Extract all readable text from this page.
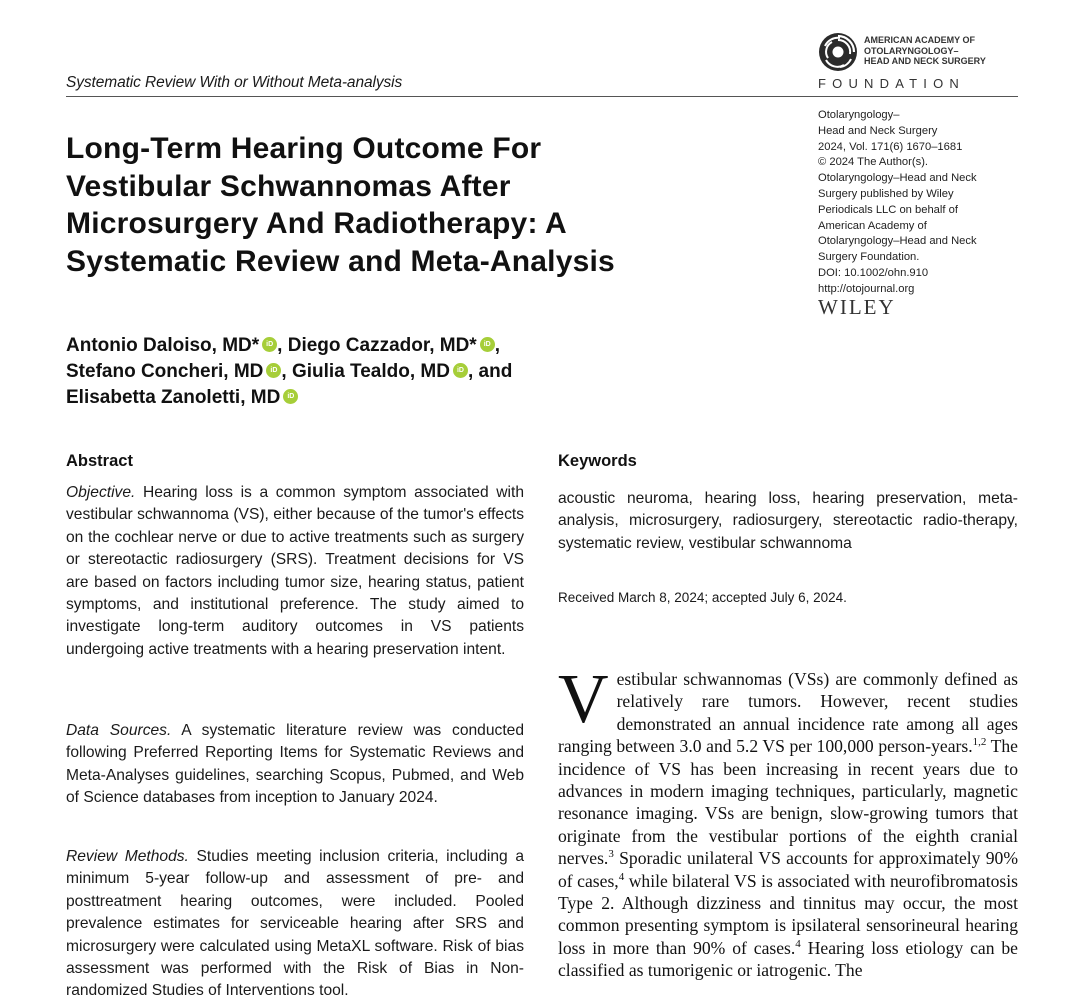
Systematic Review With or Without Meta-analysis
AMERICAN ACADEMY OF
OTOLARYNGOLOGY–
HEAD AND NECK SURGERY
FOUNDATION
Otolaryngology–
Head and Neck Surgery
2024, Vol. 171(6) 1670–1681
© 2024 The Author(s).
Otolaryngology–Head and Neck
Surgery published by Wiley
Periodicals LLC on behalf of
American Academy of
Otolaryngology–Head and Neck
Surgery Foundation.
DOI: 10.1002/ohn.910
http://otojournal.org
WILEY
Long-Term Hearing Outcome For
Vestibular Schwannomas After
Microsurgery And Radiotherapy: A
Systematic Review and Meta-Analysis
Antonio Daloiso, MD* iD , Diego Cazzador, MD* iD ,
Stefano Concheri, MD iD , Giulia Tealdo, MD iD , and
Elisabetta Zanoletti, MDiD
Abstract
Objective. Hearing loss is a common symptom associated with vestibular schwannoma (VS), either because of the tumor's effects on the cochlear nerve or due to active treatments such as surgery or stereotactic radiosurgery (SRS). Treatment decisions for VS are based on factors including tumor size, hearing status, patient symptoms, and institutional preference. The study aimed to investigate long-term auditory outcomes in VS patients undergoing active treatments with a hearing preservation intent.
Data Sources. A systematic literature review was conducted following Preferred Reporting Items for Systematic Reviews and Meta-Analyses guidelines, searching Scopus, Pubmed, and Web of Science databases from inception to January 2024.
Review Methods. Studies meeting inclusion criteria, including a minimum 5-year follow-up and assessment of pre- and posttreatment hearing outcomes, were included. Pooled prevalence estimates for serviceable hearing after SRS and microsurgery were calculated using MetaXL software. Risk of bias assessment was performed with the Risk of Bias in Non-randomized Studies of Interventions tool.
Keywords
acoustic neuroma, hearing loss, hearing preservation, meta-analysis, microsurgery, radiosurgery, stereotactic radio-therapy, systematic review, vestibular schwannoma
Received March 8, 2024; accepted July 6, 2024.
Vestibular schwannomas (VSs) are commonly defined as relatively rare tumors. However, recent studies demonstrated an annual incidence rate among all ages ranging between 3.0 and 5.2 VS per 100,000 person-years.$^{1,2}$ The incidence of VS has been increasing in recent years due to advances in modern imaging techniques, particularly, magnetic resonance imaging. VSs are benign, slow-growing tumors that originate from the vestibular portions of the eighth cranial nerves.$^3$ Sporadic unilateral VS accounts for approximately 90% of cases,$^4$ while bilateral VS is associated with neurofibromatosis Type 2. Although dizziness and tinnitus may occur, the most common presenting symptom is ipsilateral sensorineural hearing loss in more than 90% of cases.$^4$ Hearing loss etiology can be classified as tumorigenic or iatrogenic. The
